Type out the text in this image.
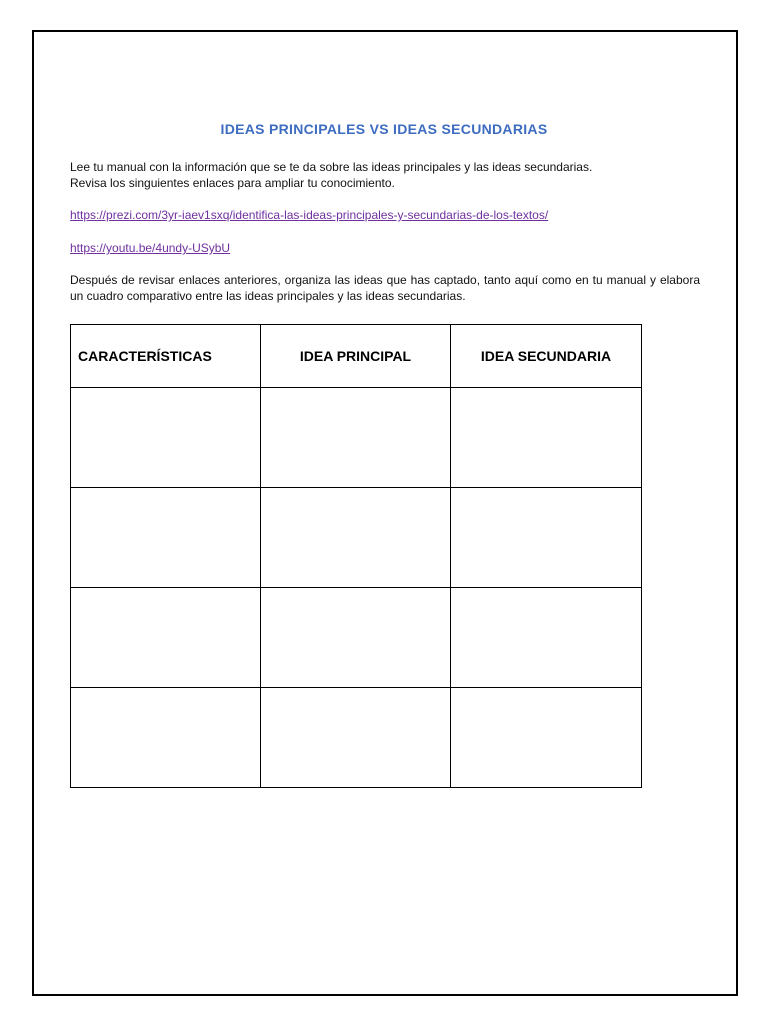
IDEAS PRINCIPALES VS IDEAS SECUNDARIAS

Lee tu manual con la información que se te da sobre las ideas principales y las ideas secundarias.
Revisa los singuientes enlaces para ampliar tu conocimiento.

https://prezi.com/3yr-iaev1sxq/identifica-las-ideas-principales-y-secundarias-de-los-textos/
https://youtu.be/4undy-USybU

Después de revisar enlaces anteriores, organiza las ideas que has captado, tanto aquí como en tu manual y elabora un cuadro comparativo entre las ideas principales y las ideas secundarias.

CARACTERÍSTICAS	IDEA PRINCIPAL	IDEA SECUNDARIA
